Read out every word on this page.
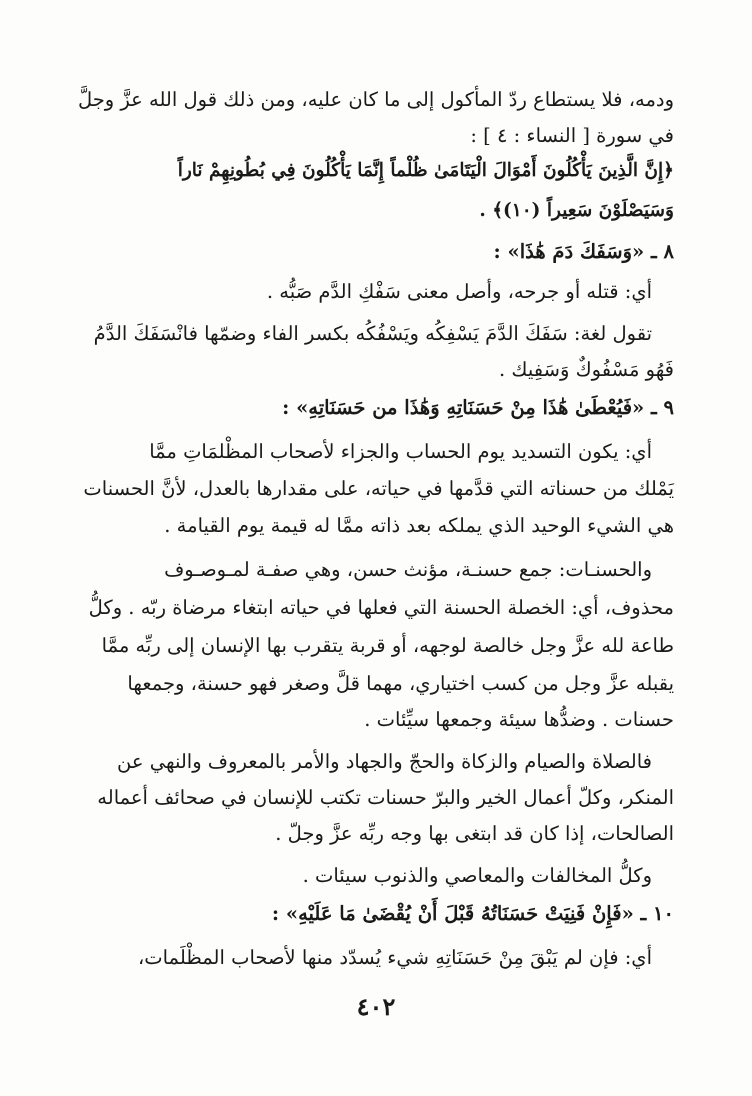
ودمه، فلا يستطاع ردّ المأكول إلى ما كان عليه، ومن ذلك قول الله عزَّ وجلَّ
في سورة [ النساء : ٤ ] :
﴿إِنَّ الَّذِينَ يَأْكُلُونَ أَمْوَالَ الْيَتَامَىٰ ظُلْماً إِنَّمَا يَأْكُلُونَ فِي بُطُونِهِمْ نَاراً
وَسَيَصْلَوْنَ سَعِيراً (١٠)﴾ .
٨ ـ «وَسَفَكَ دَمَ هَٰذَا» :
أي: قتله أو جرحه، وأصل معنى سَفْكِ الدَّم صَبُّه .
تقول لغة: سَفَكَ الدَّمَ يَسْفِكُه ويَسْفُكُه بكسر الفاء وضمّها فانْسَفَكَ الدَّمُ
فَهُو مَسْفُوكٌ وَسَفِيك .
٩ ـ «فَيُعْطَىٰ هَٰذَا مِنْ حَسَنَاتِهِ وَهَٰذَا من حَسَنَاتِهِ» :
أي: يكون التسديد يوم الحساب والجزاء لأصحاب المظْلمَاتِ ممَّا
يَمْلك من حسناته التي قدَّمها في حياته، على مقدارها بالعدل، لأنَّ الحسنات
هي الشيء الوحيد الذي يملكه بعد ذاته ممَّا له قيمة يوم القيامة .
والحسنـات: جمع حسنـة، مؤنث حسن، وهي صفـة لمـوصـوف
محذوف، أي: الخصلة الحسنة التي فعلها في حياته ابتغاء مرضاة ربّه . وكلُّ
طاعة لله عزَّ وجل خالصة لوجهه، أو قربة يتقرب بها الإنسان إلى ربِّه ممَّا
يقبله عزَّ وجل من كسب اختياري، مهما قلَّ وصغر فهو حسنة، وجمعها
حسنات . وضدُّها سيئة وجمعها سيِّئات .
فالصلاة والصيام والزكاة والحجّ والجهاد والأمر بالمعروف والنهي عن
المنكر، وكلّ أعمال الخير والبرّ حسنات تكتب للإنسان في صحائف أعماله
الصالحات، إذا كان قد ابتغى بها وجه ربِّه عزَّ وجلّ .
وكلُّ المخالفات والمعاصي والذنوب سيئات .
١٠ ـ «فَإِنْ فَنِيَتْ حَسَنَاتُهُ قَبْلَ أَنْ يُقْضَىٰ مَا عَلَيْهِ» :
أي: فإن لم يَبْقَ مِنْ حَسَنَاتِهِ شيء يُسدّد منها لأصحاب المظْلَمات،
٤٠٢
